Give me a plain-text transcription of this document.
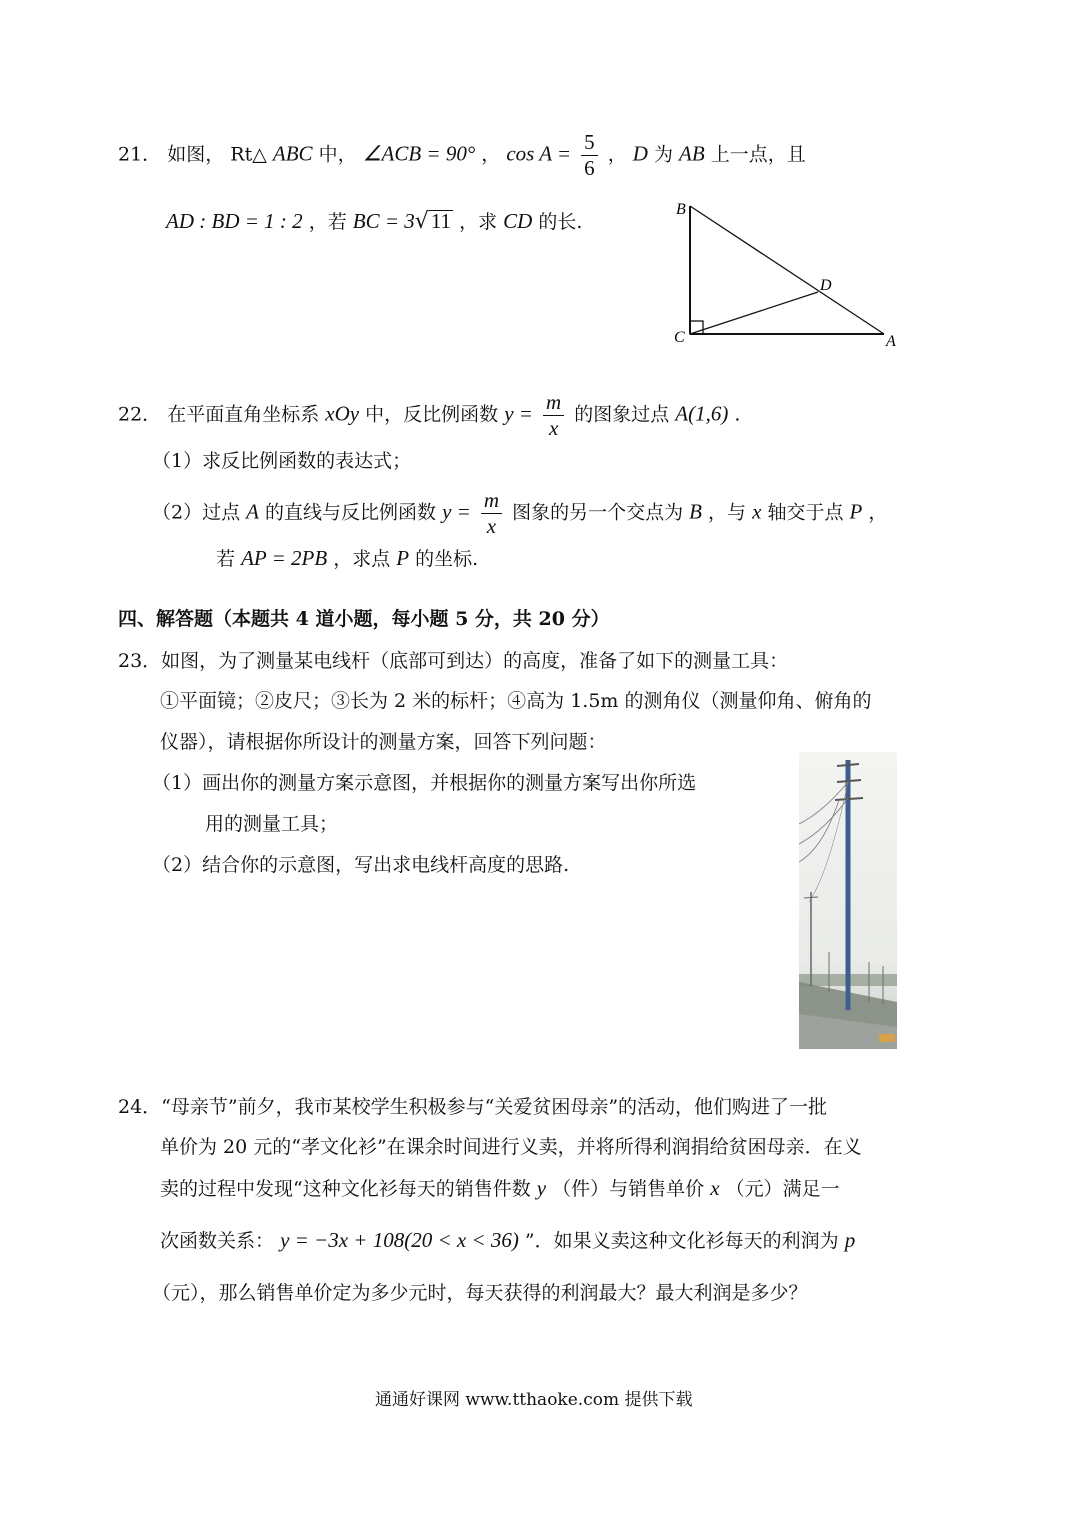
21． 如图， Rt△ ABC 中， ∠ACB = 90° ， $\cos A = \frac{5}{6}$ ， D 为 AB 上一点，且
AD : BD = 1 : 2 ，若 BC = 3√11 ，求 CD 的长.
B
C
D
A
22． 在平面直角坐标系 xOy 中，反比例函数 $y = \frac{m}{x}$ 的图象过点 A(1,6) .
（1）求反比例函数的表达式；
（2）过点 A 的直线与反比例函数 $y = \frac{m}{x}$ 图象的另一个交点为 B ，与 x 轴交于点 P ，
若 AP = 2PB ，求点 P 的坐标.
四、解答题（本题共 4 道小题，每小题 5 分，共 20 分）
23．如图，为了测量某电线杆（底部可到达）的高度，准备了如下的测量工具：
①平面镜；②皮尺；③长为 2 米的标杆；④高为 1.5m 的测角仪（测量仰角、俯角的
仪器），请根据你所设计的测量方案，回答下列问题：
（1）画出你的测量方案示意图，并根据你的测量方案写出你所选
用的测量工具；
（2）结合你的示意图，写出求电线杆高度的思路.
24．“母亲节”前夕，我市某校学生积极参与“关爱贫困母亲”的活动，他们购进了一批
单价为 20 元的“孝文化衫”在课余时间进行义卖，并将所得利润捐给贫困母亲．在义
卖的过程中发现“这种文化衫每天的销售件数 y （件）与销售单价 x （元）满足一
次函数关系： y = −3x + 108(20 < x < 36) ”．如果义卖这种文化衫每天的利润为 p
（元），那么销售单价定为多少元时，每天获得的利润最大？最大利润是多少？
通通好课网 www.tthaoke.com 提供下载
